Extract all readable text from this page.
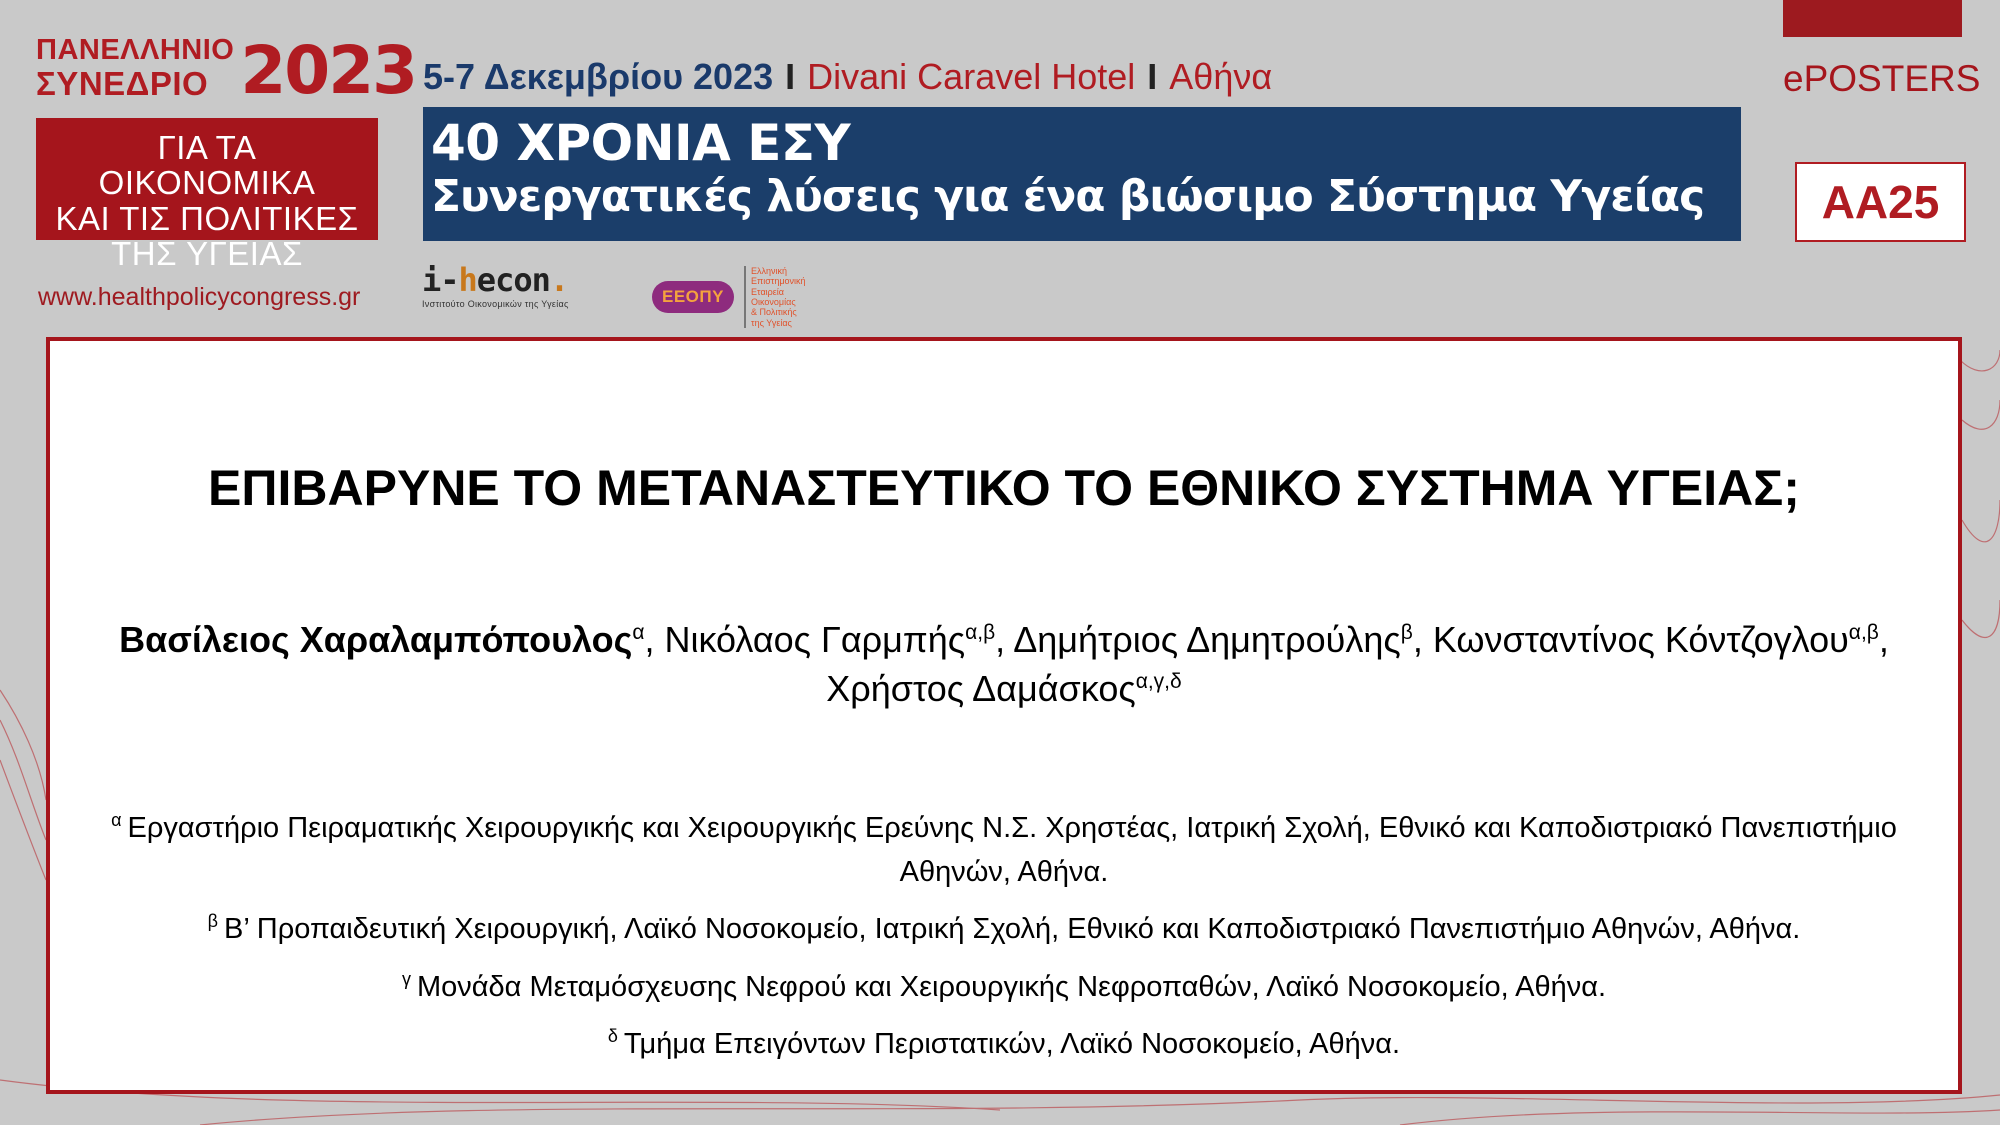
ΠΑΝΕΛΛΗΝΙΟ
ΣΥΝΕΔΡΙΟ 2023
ΓΙΑ ΤΑ ΟΙΚΟΝΟΜΙΚΑ
ΚΑΙ ΤΙΣ ΠΟΛΙΤΙΚΕΣ
ΤΗΣ ΥΓΕΙΑΣ
www.healthpolicycongress.gr
5-7 Δεκεμβρίου 2023 I Divani Caravel Hotel I Αθήνα
40 ΧΡΟΝΙΑ ΕΣΥ
Συνεργατικές λύσεις για ένα βιώσιμο Σύστημα Υγείας
i-hecon.
Ινστιτούτο Οικονομικών της Υγείας	ΕΕΟΠΥ
Ελληνική
Επιστημονική
Εταιρεία
Οικονομίας
& Πολιτικής
της Υγείας
ePOSTERS
ΑΑ25
ΕΠΙΒΑΡΥΝΕ ΤΟ ΜΕΤΑΝΑΣΤΕΥΤΙΚΟ ΤΟ ΕΘΝΙΚΟ ΣΥΣΤΗΜΑ ΥΓΕΙΑΣ;
Βασίλειος Χαραλαμπόπουλος$^\alpha$, Νικόλαος Γαρμπής$^{\alpha,\beta}$, Δημήτριος Δημητρούλης$^\beta$, Κωνσταντίνος Κόντζογλου$^{\alpha,\beta}$, Χρήστος Δαμάσκος$^{\alpha,\gamma,\delta}$
$^\alpha$ Εργαστήριο Πειραματικής Χειρουργικής και Χειρουργικής Ερεύνης Ν.Σ. Χρηστέας, Ιατρική Σχολή, Εθνικό και Καποδιστριακό Πανεπιστήμιο Αθηνών, Αθήνα.
$^\beta$ Β’ Προπαιδευτική Χειρουργική, Λαϊκό Νοσοκομείο, Ιατρική Σχολή, Εθνικό και Καποδιστριακό Πανεπιστήμιο Αθηνών, Αθήνα.
$^\gamma$ Μονάδα Μεταμόσχευσης Νεφρού και Χειρουργικής Νεφροπαθών, Λαϊκό Νοσοκομείο, Αθήνα.
$^\delta$ Τμήμα Επειγόντων Περιστατικών, Λαϊκό Νοσοκομείο, Αθήνα.
